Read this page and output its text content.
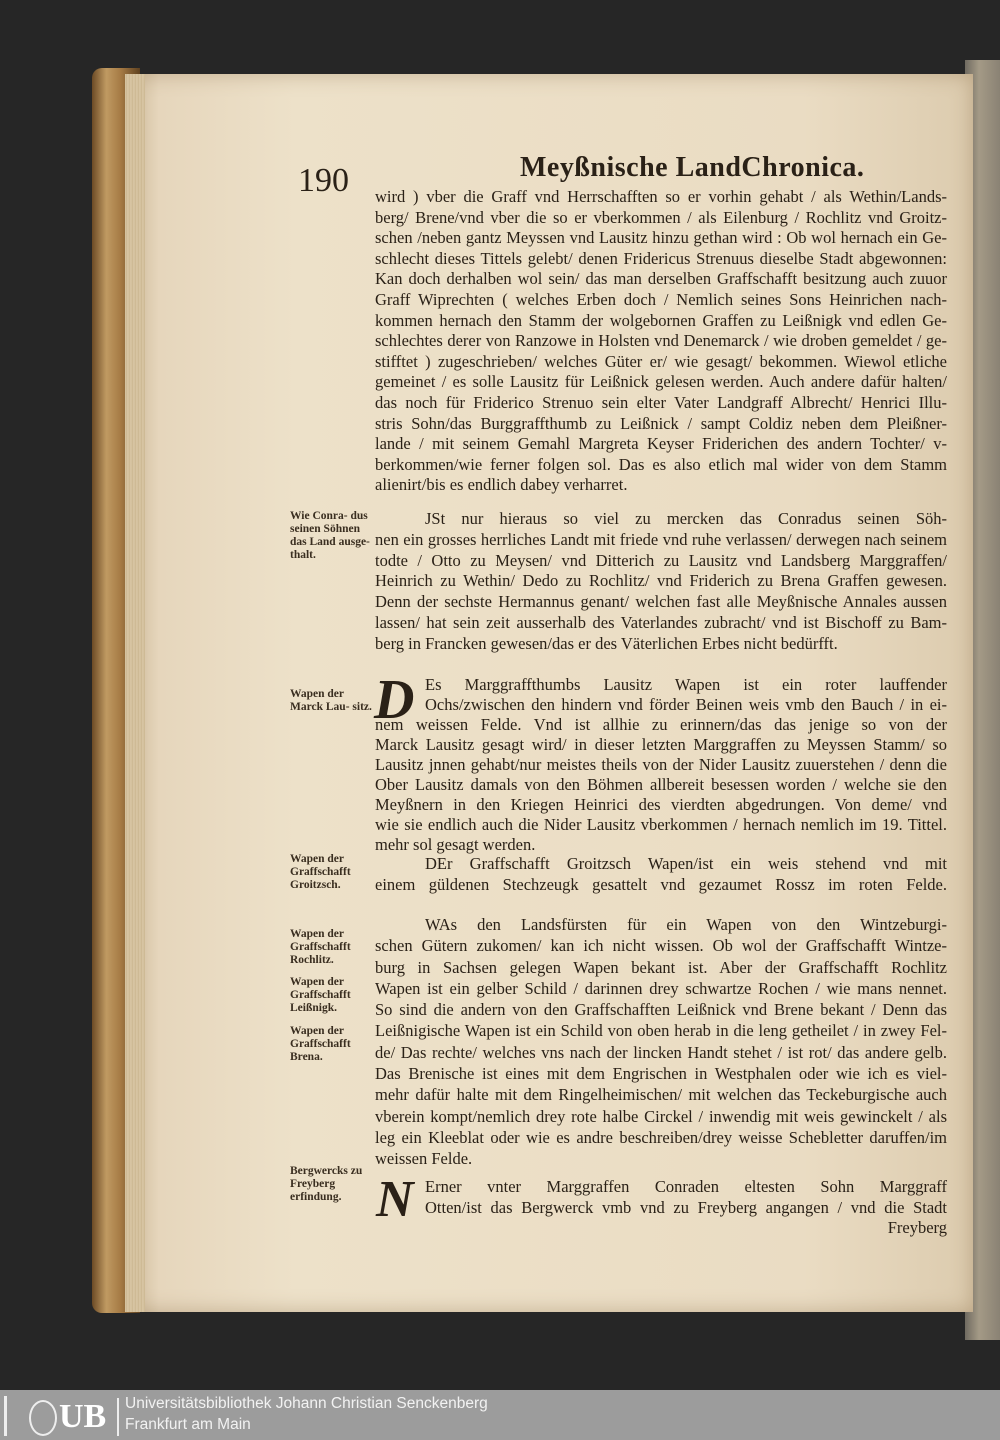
190	Meyßnische LandChronica.
wird ) vber die Graff vnd Herrschafften so er vorhin gehabt / als Wethin/Lands-
berg/ Brene/vnd vber die so er vberkommen / als Eilenburg / Rochlitz vnd Groitz-
schen /neben gantz Meyssen vnd Lausitz hinzu gethan wird : Ob wol hernach ein Ge-
schlecht dieses Tittels gelebt/ denen Fridericus Strenuus dieselbe Stadt abgewonnen:
Kan doch derhalben wol sein/ das man derselben Graffschafft besitzung auch zuuor
Graff Wiprechten ( welches Erben doch / Nemlich seines Sons Heinrichen nach-
kommen hernach den Stamm der wolgebornen Graffen zu Leißnigk vnd edlen Ge-
schlechtes derer von Ranzowe in Holsten vnd Denemarck / wie droben gemeldet / ge-
stifftet ) zugeschrieben/ welches Güter er/ wie gesagt/ bekommen. Wiewol etliche
gemeinet / es solle Lausitz für Leißnick gelesen werden. Auch andere dafür halten/
das noch für Friderico Strenuo sein elter Vater Landgraff Albrecht/ Henrici Illu-
stris Sohn/das Burggraffthumb zu Leißnick / sampt Coldiz neben dem Pleißner-
lande / mit seinem Gemahl Margreta Keyser Friderichen des andern Tochter/ v-
berkommen/wie ferner folgen sol. Das es also etlich mal wider von dem Stamm
alienirt/bis es endlich dabey verharret.
JSt nur hieraus so viel zu mercken das Conradus seinen Söh-
nen ein grosses herrliches Landt mit friede vnd ruhe verlassen/ derwegen nach seinem
todte / Otto zu Meysen/ vnd Ditterich zu Lausitz vnd Landsberg Marggraffen/
Heinrich zu Wethin/ Dedo zu Rochlitz/ vnd Friderich zu Brena Graffen gewesen.
Denn der sechste Hermannus genant/ welchen fast alle Meyßnische Annales aussen
lassen/ hat sein zeit ausserhalb des Vaterlandes zubracht/ vnd ist Bischoff zu Bam-
berg in Francken gewesen/das er des Väterlichen Erbes nicht bedürfft.
D Es Marggraffthumbs Lausitz Wapen ist ein roter lauffender
Ochs/zwischen den hindern vnd förder Beinen weis vmb den Bauch / in ei-
nem weissen Felde. Vnd ist allhie zu erinnern/das das jenige so von der
Marck Lausitz gesagt wird/ in dieser letzten Marggraffen zu Meyssen Stamm/ so
Lausitz jnnen gehabt/nur meistes theils von der Nider Lausitz zuuerstehen / denn die
Ober Lausitz damals von den Böhmen allbereit besessen worden / welche sie den
Meyßnern in den Kriegen Heinrici des vierdten abgedrungen. Von deme/ vnd
wie sie endlich auch die Nider Lausitz vberkommen / hernach nemlich im 19. Tittel.
mehr sol gesagt werden.
DEr Graffschafft Groitzsch Wapen/ist ein weis stehend vnd mit
einem güldenen Stechzeugk gesattelt vnd gezaumet Rossz im roten Felde.
WAs den Landsfürsten für ein Wapen von den Wintzeburgi-
schen Gütern zukomen/ kan ich nicht wissen. Ob wol der Graffschafft Wintze-
burg in Sachsen gelegen Wapen bekant ist. Aber der Graffschafft Rochlitz
Wapen ist ein gelber Schild / darinnen drey schwartze Rochen / wie mans nennet.
So sind die andern von den Graffschafften Leißnick vnd Brene bekant / Denn das
Leißnigische Wapen ist ein Schild von oben herab in die leng getheilet / in zwey Fel-
de/ Das rechte/ welches vns nach der lincken Handt stehet / ist rot/ das andere gelb.
Das Brenische ist eines mit dem Engrischen in Westphalen oder wie ich es viel-
mehr dafür halte mit dem Ringelheimischen/ mit welchen das Teckeburgische auch
vberein kompt/nemlich drey rote halbe Circkel / inwendig mit weis gewinckelt / als
leg ein Kleeblat oder wie es andre beschreiben/drey weisse Schebletter daruffen/im
weissen Felde.
N Erner vnter Marggraffen Conraden eltesten Sohn Marggraff
Otten/ist das Bergwerck vmb vnd zu Freyberg angangen / vnd die Stadt
Freyberg
Wie Conra- dus seinen Söhnen das Land ausge- thalt.
Wapen der Marck Lau- sitz.
Wapen der Graffschafft Groitzsch.
Wapen der Graffschafft Rochlitz.
Wapen der Graffschafft Leißnigk.
Wapen der Graffschafft Brena.
Bergwercks zu Freyberg erfindung.
UB Universitätsbibliothek Johann Christian Senckenberg
Frankfurt am Main
